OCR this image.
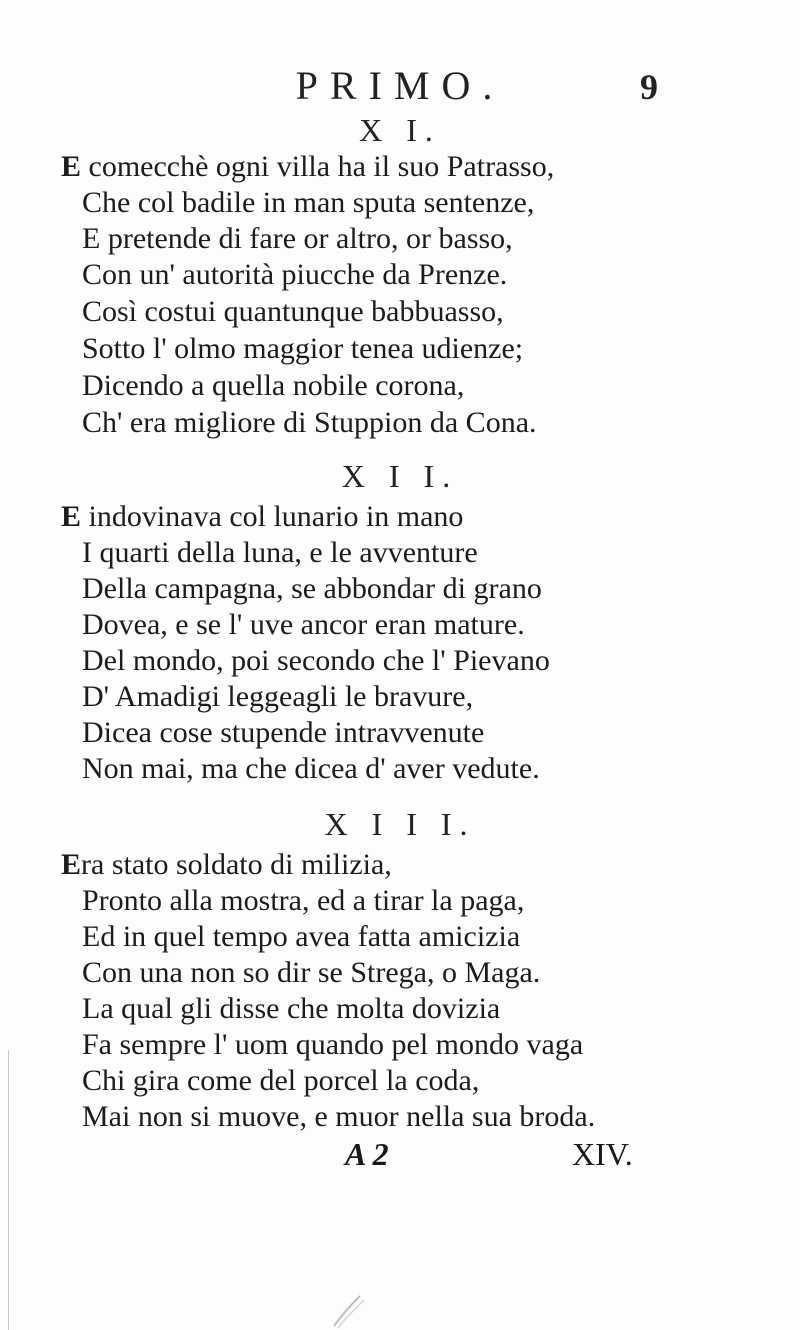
PRIMO.	9
X I.
E comecchè ogni villa ha il suo Patrasso,
Che col badile in man sputa sentenze,
E pretende di fare or altro, or basso,
Con un' autorità piucche da Prenze.
Così costui quantunque babbuasso,
Sotto l' olmo maggior tenea udienze;
Dicendo a quella nobile corona,
Ch' era migliore di Stuppion da Cona.
X I I.
E indovinava col lunario in mano
I quarti della luna, e le avventure
Della campagna, se abbondar di grano
Dovea, e se l' uve ancor eran mature.
Del mondo, poi secondo che l' Pievano
D' Amadigi leggeagli le bravure,
Dicea cose stupende intravvenute
Non mai, ma che dicea d' aver vedute.
X I I I.
Era stato soldato di milizia,
Pronto alla mostra, ed a tirar la paga,
Ed in quel tempo avea fatta amicizia
Con una non so dir se Strega, o Maga.
La qual gli disse che molta dovizia
Fa sempre l' uom quando pel mondo vaga
Chi gira come del porcel la coda,
Mai non si muove, e muor nella sua broda.
A 2	XIV.
